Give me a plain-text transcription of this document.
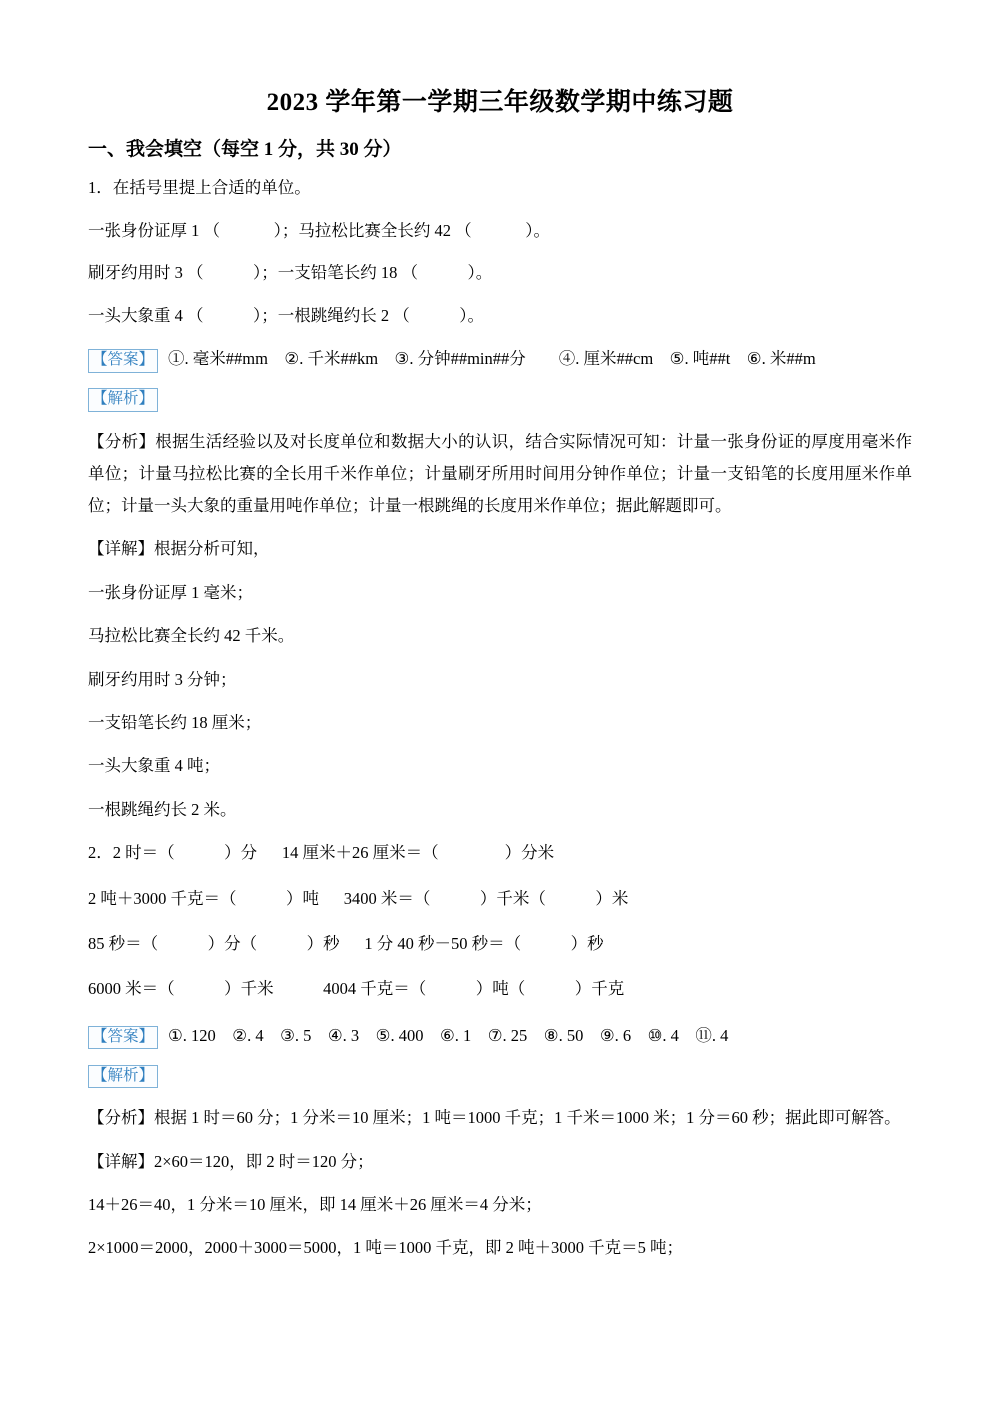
2023 学年第一学期三年级数学期中练习题
一、我会填空（每空 1 分，共 30 分）
1．在括号里提上合适的单位。
一张身份证厚 1 （             ）；马拉松比赛全长约 42 （             ）。
刷牙约用时 3 （            ）；一支铅笔长约 18 （            ）。
一头大象重 4 （            ）；一根跳绳约长 2 （            ）。
【答案】 ①. 毫米##mm    ②. 千米##km    ③. 分钟##min##分        ④. 厘米##cm    ⑤. 吨##t    ⑥. 米##m
【解析】
【分析】根据生活经验以及对长度单位和数据大小的认识，结合实际情况可知：计量一张身份证的厚度用毫米作单位；计量马拉松比赛的全长用千米作单位；计量刷牙所用时间用分钟作单位；计量一支铅笔的长度用厘米作单位；计量一头大象的重量用吨作单位；计量一根跳绳的长度用米作单位；据此解题即可。
【详解】根据分析可知，
一张身份证厚 1 毫米；
马拉松比赛全长约 42 千米。
刷牙约用时 3 分钟；
一支铅笔长约 18 厘米；
一头大象重 4 吨；
一根跳绳约长 2 米。
2．2 时＝（            ）分      14 厘米＋26 厘米＝（                ）分米
2 吨＋3000 千克＝（            ）吨      3400 米＝（            ）千米（            ）米
85 秒＝（            ）分（            ）秒      1 分 40 秒－50 秒＝（            ）秒
6000 米＝（            ）千米            4004 千克＝（            ）吨（            ）千克
【答案】 ①. 120    ②. 4    ③. 5    ④. 3    ⑤. 400    ⑥. 1    ⑦. 25    ⑧. 50    ⑨. 6    ⑩. 4    ⑪. 4
【解析】
【分析】根据 1 时＝60 分；1 分米＝10 厘米；1 吨＝1000 千克；1 千米＝1000 米；1 分＝60 秒；据此即可解答。
【详解】2×60＝120，即 2 时＝120 分；
14＋26＝40，1 分米＝10 厘米，即 14 厘米＋26 厘米＝4 分米；
2×1000＝2000，2000＋3000＝5000，1 吨＝1000 千克，即 2 吨＋3000 千克＝5 吨；
